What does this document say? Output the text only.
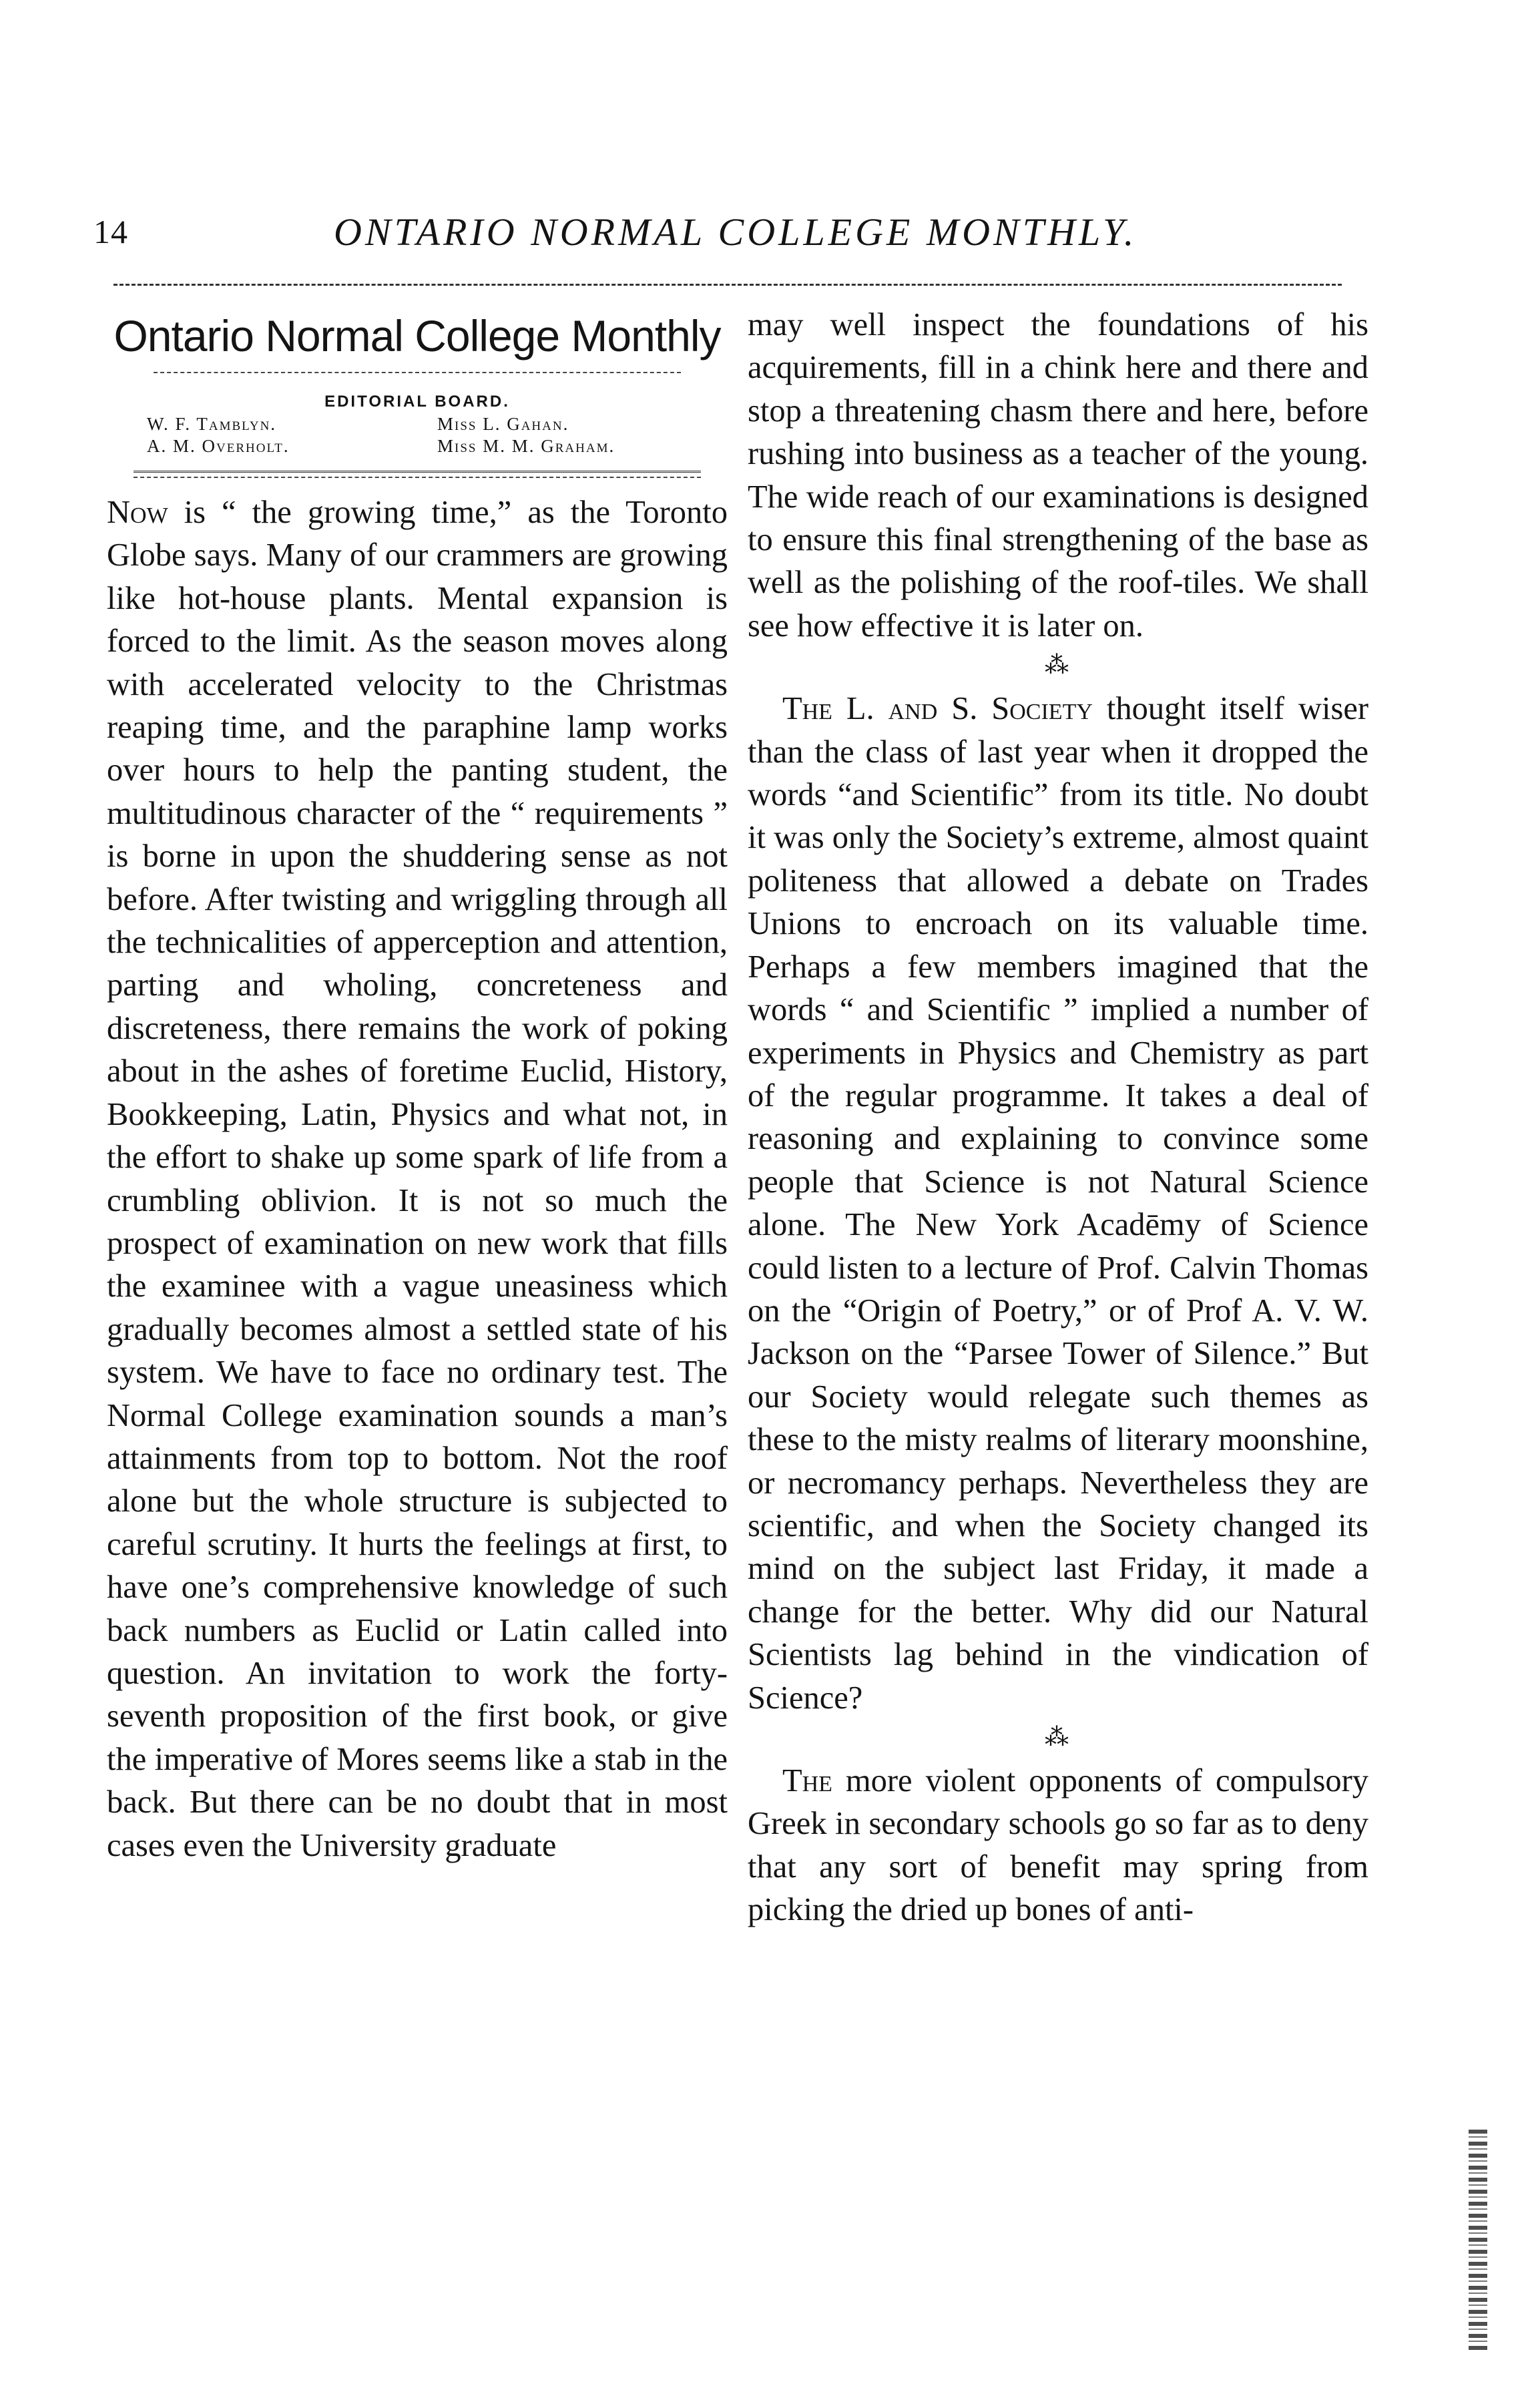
14	ONTARIO NORMAL COLLEGE MONTHLY.
Ontario Normal College Monthly
EDITORIAL BOARD.
W. F. Tamblyn.	Miss L. Gahan.
A. M. Overholt.	Miss M. M. Graham.

Now is “ the growing time,” as the Toronto Globe says. Many of our crammers are growing like hot-house plants. Mental expansion is forced to the limit. As the season moves along with accelerated velocity to the Christmas reaping time, and the paraphine lamp works over hours to help the panting student, the multitudinous character of the “ requirements ” is borne in upon the shuddering sense as not before. After twisting and wriggling through all the technicalities of apperception and attention, parting and wholing, concreteness and discreteness, there remains the work of poking about in the ashes of foretime Euclid, History, Bookkeeping, Latin, Physics and what not, in the effort to shake up some spark of life from a crumbling oblivion. It is not so much the prospect of examination on new work that fills the examinee with a vague uneasiness which gradually becomes almost a settled state of his system. We have to face no ordinary test. The Normal College examination sounds a man’s attainments from top to bottom. Not the roof alone but the whole structure is subjected to careful scrutiny. It hurts the feelings at first, to have one’s comprehensive knowledge of such back numbers as Euclid or Latin called into question. An invitation to work the forty-seventh proposition of the first book, or give the imperative of Mores seems like a stab in the back. But there can be no doubt that in most cases even the University graduate

may well inspect the foundations of his acquirements, fill in a chink here and there and stop a threatening chasm there and here, before rushing into business as a teacher of the young. The wide reach of our examinations is designed to ensure this final strengthening of the base as well as the polishing of the roof-tiles. We shall see how effective it is later on.

⁂

The L. and S. Society thought itself wiser than the class of last year when it dropped the words “and Scientific” from its title. No doubt it was only the Society’s extreme, almost quaint politeness that allowed a debate on Trades Unions to encroach on its valuable time. Perhaps a few members imagined that the words “ and Scientific ” implied a number of experiments in Physics and Chemistry as part of the regular programme. It takes a deal of reasoning and explaining to convince some people that Science is not Natural Science alone. The New York Acadēmy of Science could listen to a lecture of Prof. Calvin Thomas on the “Origin of Poetry,” or of Prof A. V. W. Jackson on the “Parsee Tower of Silence.” But our Society would relegate such themes as these to the misty realms of literary moonshine, or necromancy perhaps. Nevertheless they are scientific, and when the Society changed its mind on the subject last Friday, it made a change for the better. Why did our Natural Scientists lag behind in the vindication of Science?

⁂

The more violent opponents of compulsory Greek in secondary schools go so far as to deny that any sort of benefit may spring from picking the dried up bones of anti-
